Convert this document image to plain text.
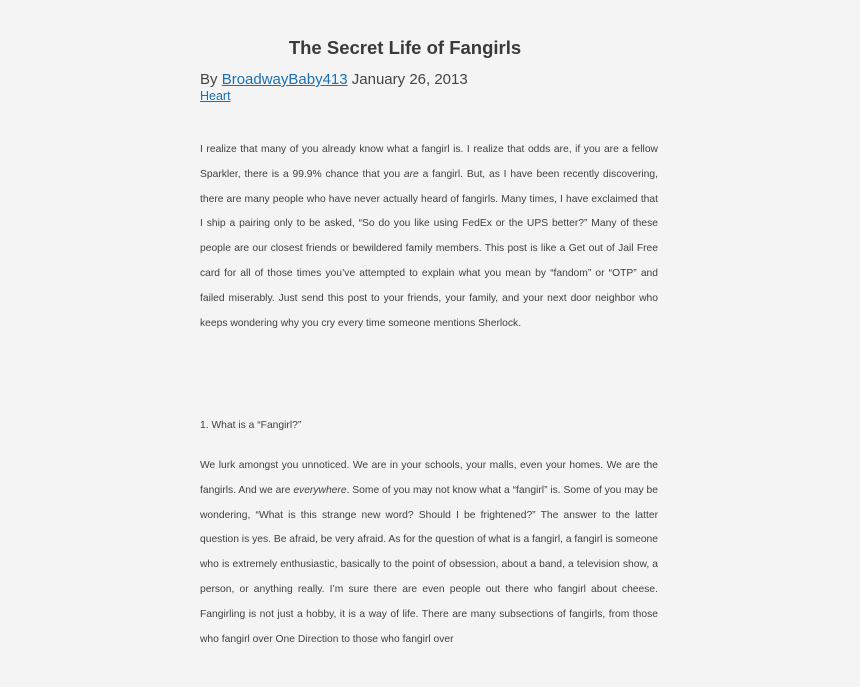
The Secret Life of Fangirls
By BroadwayBaby413 January 26, 2013
Heart

I realize that many of you already know what a fangirl is. I realize that odds are, if you are a fellow Sparkler, there is a 99.9% chance that you are a fangirl. But, as I have been recently discovering, there are many people who have never actually heard of fangirls. Many times, I have exclaimed that I ship a pairing only to be asked, “So do you like using FedEx or the UPS better?” Many of these people are our closest friends or bewildered family members. This post is like a Get out of Jail Free card for all of those times you’ve attempted to explain what you mean by “fandom” or “OTP” and failed miserably. Just send this post to your friends, your family, and your next door neighbor who keeps wondering why you cry every time someone mentions Sherlock.

1. What is a “Fangirl?”

We lurk amongst you unnoticed. We are in your schools, your malls, even your homes. We are the fangirls. And we are everywhere. Some of you may not know what a “fangirl” is. Some of you may be wondering, “What is this strange new word? Should I be frightened?” The answer to the latter question is yes. Be afraid, be very afraid. As for the question of what is a fangirl, a fangirl is someone who is extremely enthusiastic, basically to the point of obsession, about a band, a television show, a person, or anything really. I’m sure there are even people out there who fangirl about cheese. Fangirling is not just a hobby, it is a way of life. There are many subsections of fangirls, from those who fangirl over One Direction to those who fangirl over
